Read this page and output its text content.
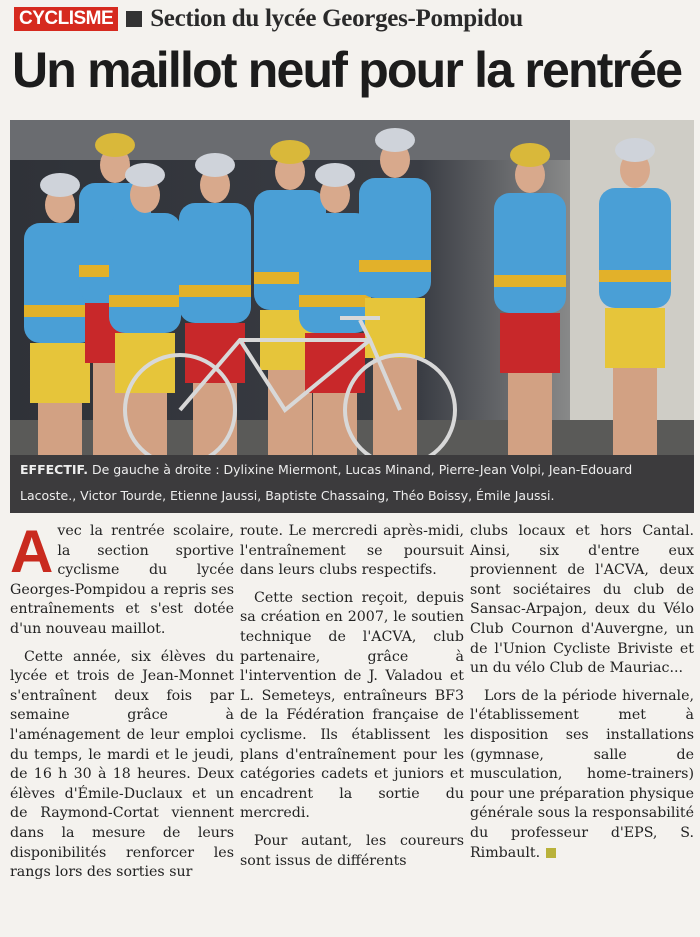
CYCLISME Section du lycée Georges-Pompidou
Un maillot neuf pour la rentrée
EFFECTIF. De gauche à droite : Dylixine Miermont, Lucas Minand, Pierre-Jean Volpi, Jean-Edouard Lacoste., Victor Tourde, Etienne Jaussi, Baptiste Chassaing, Théo Boissy, Émile Jaussi.

Avec la rentrée scolaire, la section sportive cyclisme du lycée Georges-Pompidou a repris ses entraînements et s'est dotée d'un nouveau maillot.

Cette année, six élèves du lycée et trois de Jean-Monnet s'entraînent deux fois par semaine grâce à l'aménagement de leur emploi du temps, le mardi et le jeudi, de 16 h 30 à 18 heures. Deux élèves d'Émile-Duclaux et un de Raymond-Cortat viennent dans la mesure de leurs disponibilités renforcer les rangs lors des sorties sur

route. Le mercredi après-midi, l'entraînement se poursuit dans leurs clubs respectifs.

Cette section reçoit, depuis sa création en 2007, le soutien technique de l'ACVA, club partenaire, grâce à l'intervention de J. Valadou et L. Semeteys, entraîneurs BF3 de la Fédération française de cyclisme. Ils établissent les plans d'entraînement pour les catégories cadets et juniors et encadrent la sortie du mercredi.

Pour autant, les coureurs sont issus de différents

clubs locaux et hors Cantal. Ainsi, six d'entre eux proviennent de l'ACVA, deux sont sociétaires du club de Sansac-Arpajon, deux du Vélo Club Cournon d'Auvergne, un de l'Union Cycliste Briviste et un du vélo Club de Mauriac...

Lors de la période hivernale, l'établissement met à disposition ses installations (gymnase, salle de musculation, home-trainers) pour une préparation physique générale sous la responsabilité du professeur d'EPS, S. Rimbault.
